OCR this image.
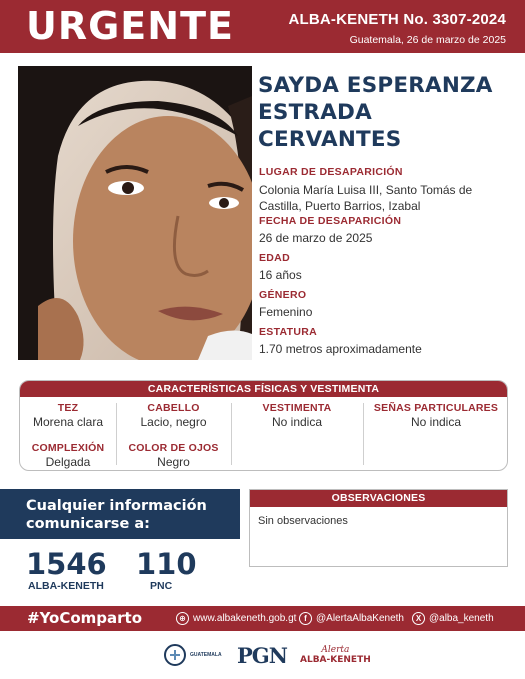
URGENTE	ALBA-KENETH No. 3307-2024
Guatemala, 26 de marzo de 2025
SAYDA ESPERANZA
ESTRADA CERVANTES
LUGAR DE DESAPARICIÓN
Colonia María Luisa III, Santo Tomás de
Castilla, Puerto Barrios, Izabal
FECHA DE DESAPARICIÓN
26 de marzo de 2025
EDAD
16 años
GÉNERO
Femenino
ESTATURA
1.70 metros aproximadamente
CARACTERÍSTICAS FÍSICAS Y VESTIMENTA
TEZ
Morena clara
CABELLO
Lacio, negro
VESTIMENTA
No indica
SEÑAS PARTICULARES
No indica
COMPLEXIÓN
Delgada
COLOR DE OJOS
Negro
Cualquier información
comunicarse a:
1546
ALBA-KENETH
110
PNC
OBSERVACIONES
Sin observaciones
#YoComparto	⊕ www.albakeneth.gob.gt f @AlertaAlbaKeneth	X @alba_keneth
GUATEMALA PGN	Alerta
ALBA-KENETH
